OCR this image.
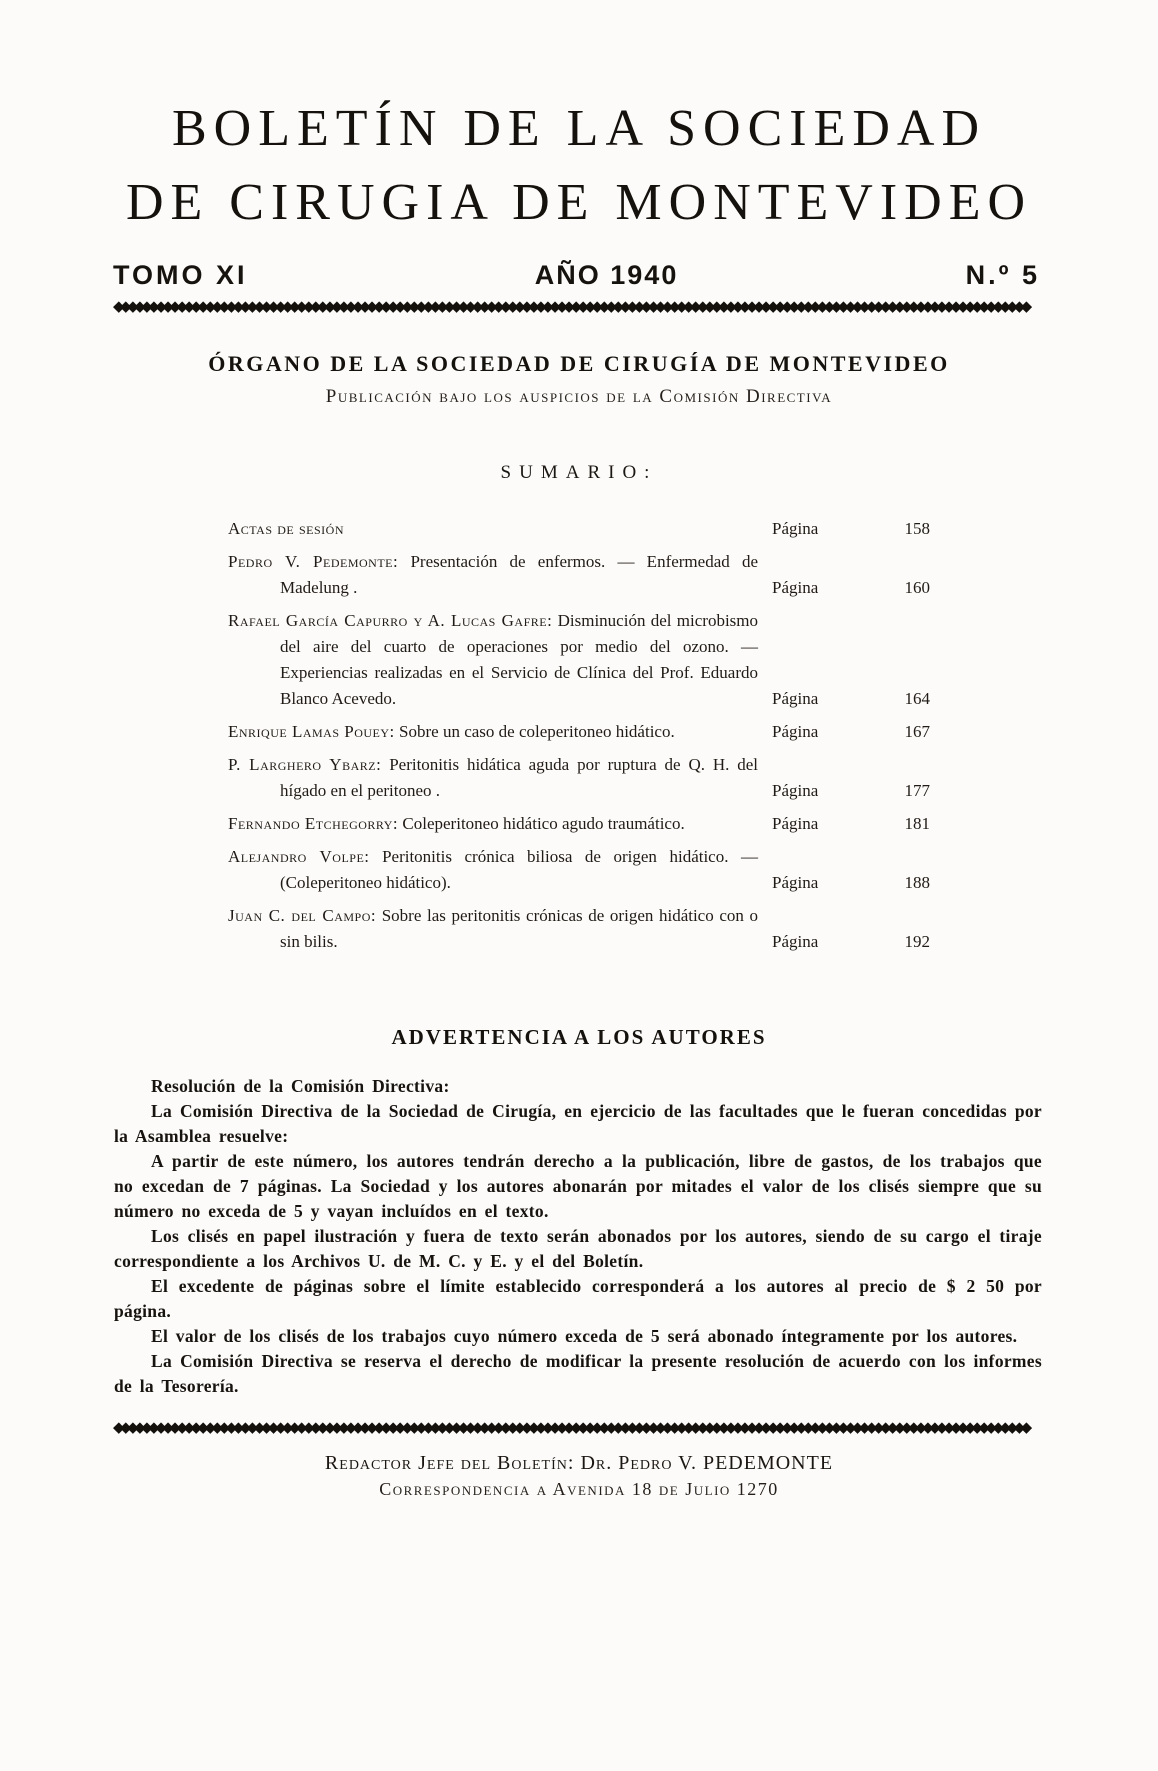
BOLETÍN DE LA SOCIEDAD
DE CIRUGIA DE MONTEVIDEO
TOMO XI	AÑO 1940	N.º 5
◆◆◆◆◆◆◆◆◆◆◆◆◆◆◆◆◆◆◆◆◆◆◆◆◆◆◆◆◆◆◆◆◆◆◆◆◆◆◆◆◆◆◆◆◆◆◆◆◆◆◆◆◆◆◆◆◆◆◆◆◆◆◆◆◆◆◆◆◆◆◆◆◆◆◆◆◆◆◆◆◆◆◆◆◆◆◆◆◆◆◆◆◆◆◆◆◆◆◆◆◆◆◆◆◆◆◆◆◆◆◆◆◆◆◆◆◆◆◆◆◆◆◆◆◆◆◆◆◆◆
ÓRGANO DE LA SOCIEDAD DE CIRUGÍA DE MONTEVIDEO
Publicación bajo los auspicios de la Comisión Directiva
SUMARIO:

Actas de sesión	Página	158

Pedro V. Pedemonte: Presentación de enfermos. — Enfermedad de Madelung .	Página	160

Rafael García Capurro y A. Lucas Gafre: Disminución del microbismo del aire del cuarto de operaciones por medio del ozono. — Experiencias realizadas en el Servicio de Clínica del Prof. Eduardo Blanco Acevedo.	Página	164

Enrique Lamas Pouey: Sobre un caso de coleperitoneo hidático.	Página	167

P. Larghero Ybarz: Peritonitis hidática aguda por ruptura de Q. H. del hígado en el peritoneo .	Página	177

Fernando Etchegorry: Coleperitoneo hidático agudo traumático.	Página	181

Alejandro Volpe: Peritonitis crónica biliosa de origen hidático. — (Coleperitoneo hidático).	Página	188

Juan C. del Campo: Sobre las peritonitis crónicas de origen hidático con o sin bilis.	Página	192

ADVERTENCIA A LOS AUTORES

Resolución de la Comisión Directiva:

La Comisión Directiva de la Sociedad de Cirugía, en ejercicio de las facultades que le fueran concedidas por la Asamblea resuelve:

A partir de este número, los autores tendrán derecho a la publicación, libre de gastos, de los trabajos que no excedan de 7 páginas. La Sociedad y los autores abonarán por mitades el valor de los clisés siempre que su número no exceda de 5 y vayan incluídos en el texto.

Los clisés en papel ilustración y fuera de texto serán abonados por los autores, siendo de su cargo el tiraje correspondiente a los Archivos U. de M. C. y E. y el del Boletín.

El excedente de páginas sobre el límite establecido corresponderá a los autores al precio de $ 2 50 por página.

El valor de los clisés de los trabajos cuyo número exceda de 5 será abonado íntegramente por los autores.

La Comisión Directiva se reserva el derecho de modificar la presente resolución de acuerdo con los informes de la Tesorería.

◆◆◆◆◆◆◆◆◆◆◆◆◆◆◆◆◆◆◆◆◆◆◆◆◆◆◆◆◆◆◆◆◆◆◆◆◆◆◆◆◆◆◆◆◆◆◆◆◆◆◆◆◆◆◆◆◆◆◆◆◆◆◆◆◆◆◆◆◆◆◆◆◆◆◆◆◆◆◆◆◆◆◆◆◆◆◆◆◆◆◆◆◆◆◆◆◆◆◆◆◆◆◆◆◆◆◆◆◆◆◆◆◆◆◆◆◆◆◆◆◆◆◆◆◆◆◆◆◆◆
Redactor Jefe del Boletín: Dr. Pedro V. PEDEMONTE
Correspondencia a Avenida 18 de Julio 1270
